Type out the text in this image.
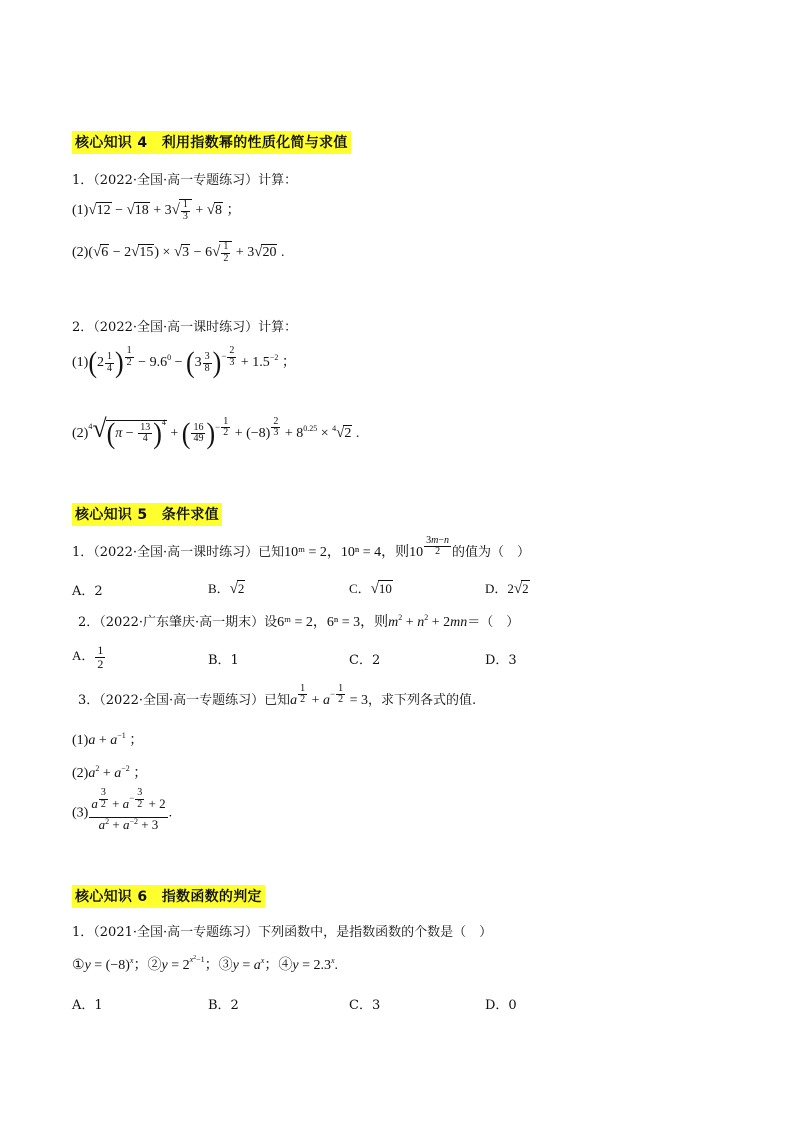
核心知识 4　利用指数幂的性质化简与求值
1．（2022·全国·高一专题练习）计算：
$(1)√12 - √18 + 3√ \frac{1}{3} + √8$ ；
$(2)(√6 - 2√15) \times √3 - 6√ \frac{1}{2} + 3√20$ .
2．（2022·全国·高一课时练习）计算：
$(1)(2 \frac{1}{4}$ ) $^{\frac{1}{2}} - 9.6^0 - (3 \frac{3}{8} )^{- \frac{2}{3}} + 1.5^{-2}$ ；
$(2)^4√(\pi - \frac{13}{4} )^4$ + ( $\frac{16}{49} )^{- \frac{1}{2}} + (-8)$ $^{\frac{2}{3}} + 8^{0.25} \times ^4√2$ .
核心知识 5　条件求值
1．（2022·全国·高一课时练习）已知10ᵐ = 2，10ⁿ = 4，则10 $^{\frac{3m-n}{2}}$ 的值为（　）
A．2	B．√2	C．√10	D．2√2
2．（2022·广东肇庆·高一期末）设6ᵐ = 2，6ⁿ = 3，则$m^2 + n^2 + 2mn=$（　）
A． $\frac{1}{2}$	B．1	C．2	D．3
3．（2022·全国·高一专题练习）已知a $^{\frac{1}{2}} + a^{- \frac{1}{2}} = 3$，求下列各式的值.
$(1)a + a^{-1}$ ；
$(2)a^2 + a^{-2}$ ；
(3) a $^{\frac{3}{2}} + a^{- \frac{3}{2}} + 2$
$a^2 + a^{-2} + 3$ .
核心知识 6　指数函数的判定
1．（2021·全国·高一专题练习）下列函数中，是指数函数的个数是（　）
①y = $(-8)^x$；②y = $2^{x^2-1}$；③y = $a^x$；④y = $2.3^x$.
A．1	B．2	C．3	D．0
